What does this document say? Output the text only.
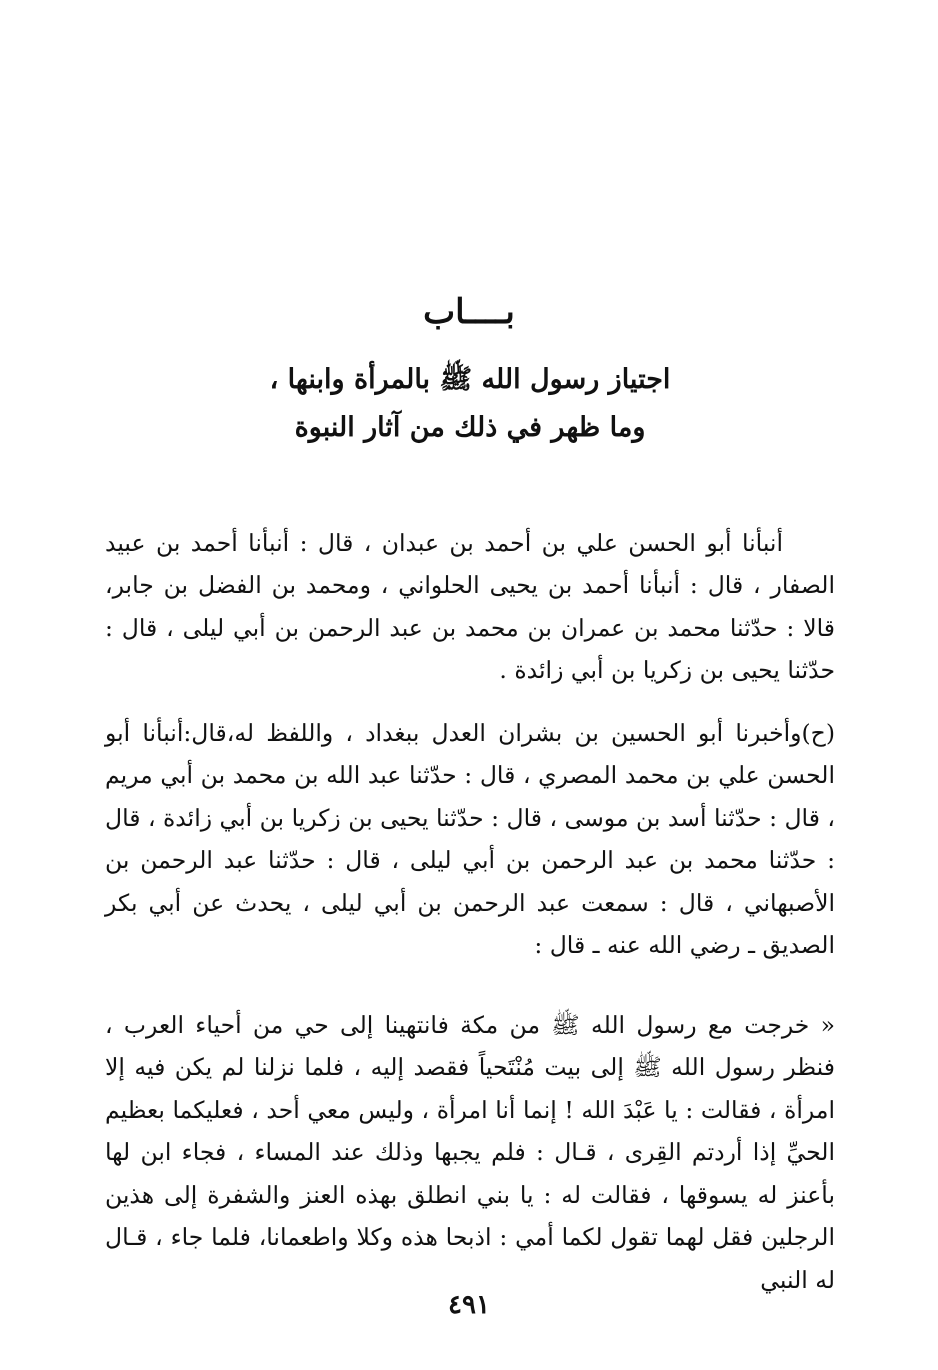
بــــاب
اجتياز رسول الله ﷺ بالمرأة وابنها ،
وما ظهر في ذلك من آثار النبوة

أنبأنا أبو الحسن علي بن أحمد بن عبدان ، قال : أنبأنا أحمد بن عبيد الصفار ، قال : أنبأنا أحمد بن يحيى الحلواني ، ومحمد بن الفضل بن جابر، قالا : حدّثنا محمد بن عمران بن محمد بن عبد الرحمن بن أبي ليلى ، قال : حدّثنا يحيى بن زكريا بن أبي زائدة .

(ح)وأخبرنا أبو الحسين بن بشران العدل ببغداد ، واللفظ له،قال:أنبأنا أبو الحسن علي بن محمد المصري ، قال : حدّثنا عبد الله بن محمد بن أبي مريم ، قال : حدّثنا أسد بن موسى ، قال : حدّثنا يحيى بن زكريا بن أبي زائدة ، قال : حدّثنا محمد بن عبد الرحمن بن أبي ليلى ، قال : حدّثنا عبد الرحمن بن الأصبهاني ، قال : سمعت عبد الرحمن بن أبي ليلى ، يحدث عن أبي بكر الصديق ـ رضي الله عنه ـ قال :

« خرجت مع رسول الله ﷺ من مكة فانتهينا إلى حي من أحياء العرب ، فنظر رسول الله ﷺ إلى بيت مُنْتَحياً فقصد إليه ، فلما نزلنا لم يكن فيه إلا امرأة ، فقالت : يا عَبْدَ الله ! إنما أنا امرأة ، وليس معي أحد ، فعليكما بعظيم الحيِّ إذا أردتم القِرى ، قـال : فلم يجبها وذلك عند المساء ، فجاء ابن لها بأعنز له يسوقها ، فقالت له : يا بني انطلق بهذه العنز والشفرة إلى هذين الرجلين فقل لهما تقول لكما أمي : اذبحا هذه وكلا واطعمانا، فلما جاء ، قـال له النبي

٤٩١
